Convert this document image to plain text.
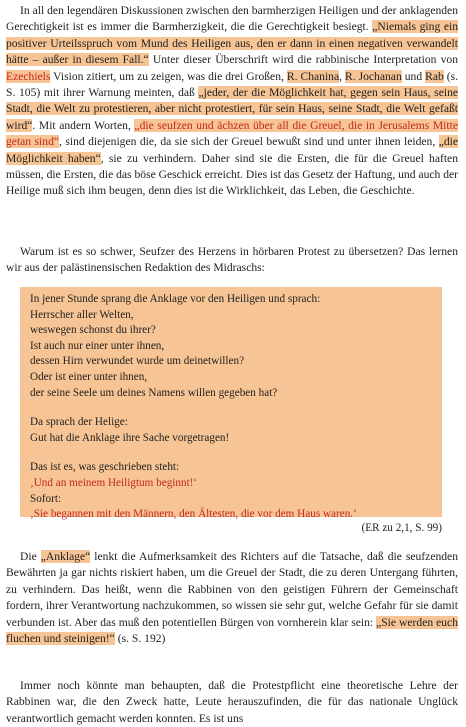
In all den legendären Diskussionen zwischen den barmherzigen Heiligen und der anklagenden Gerechtigkeit ist es immer die Barmherzigkeit, die die Gerechtigkeit besiegt. „Niemals ging ein positiver Urteilsspruch vom Mund des Heiligen aus, den er dann in einen negativen verwandelt hätte – außer in diesem Fall.“ Unter dieser Überschrift wird die rabbinische Interpretation von Ezechiels Vision zitiert, um zu zeigen, was die drei Großen, R. Chanina, R. Jochanan und Rab (s. S. 105) mit ihrer Warnung meinten, daß „jeder, der die Möglichkeit hat, gegen sein Haus, seine Stadt, die Welt zu protestieren, aber nicht protestiert, für sein Haus, seine Stadt, die Welt gefaßt wird“. Mit andern Worten, „die seufzen und ächzen über all die Greuel, die in Jerusalems Mitte getan sind“, sind diejenigen die, da sie sich der Greuel bewußt sind und unter ihnen leiden, „die Möglichkeit haben“, sie zu verhindern. Daher sind sie die Ersten, die für die Greuel haften müssen, die Ersten, die das böse Geschick erreicht. Dies ist das Gesetz der Haftung, und auch der Heilige muß sich ihm beugen, denn dies ist die Wirklichkeit, das Leben, die Geschichte.

Warum ist es so schwer, Seufzer des Herzens in hörbaren Protest zu übersetzen? Das lernen wir aus der palästinensischen Redaktion des Midraschs:

In jener Stunde sprang die Anklage vor den Heiligen und sprach:
Herrscher aller Welten,
weswegen schonst du ihrer?
Ist auch nur einer unter ihnen,
dessen Hirn verwundet wurde um deinetwillen?
Oder ist einer unter ihnen,
der seine Seele um deines Namens willen gegeben hat?
Da sprach der Helige:
Gut hat die Anklage ihre Sache vorgetragen!
Das ist es, was geschrieben steht:
‚Und an meinem Heiligtum beginnt!‘
Sofort:
‚Sie begannen mit den Männern, den Ältesten, die vor dem Haus waren.‘
(ER zu 2,1, S. 99)

Die „Anklage“ lenkt die Aufmerksamkeit des Richters auf die Tatsache, daß die seufzenden Bewährten ja gar nichts riskiert haben, um die Greuel der Stadt, die zu deren Untergang führten, zu verhindern. Das heißt, wenn die Rabbinen von den geistigen Führern der Gemeinschaft fordern, ihrer Verantwortung nachzukommen, so wissen sie sehr gut, welche Gefahr für sie damit verbunden ist. Aber das muß den potentiellen Bürgen von vornherein klar sein: „Sie werden euch fluchen und steinigen!“ (s. S. 192)

Immer noch könnte man behaupten, daß die Protestpflicht eine theoretische Lehre der Rabbinen war, die den Zweck hatte, Leute herauszufinden, die für das nationale Unglück verantwortlich gemacht werden konnten. Es ist uns
